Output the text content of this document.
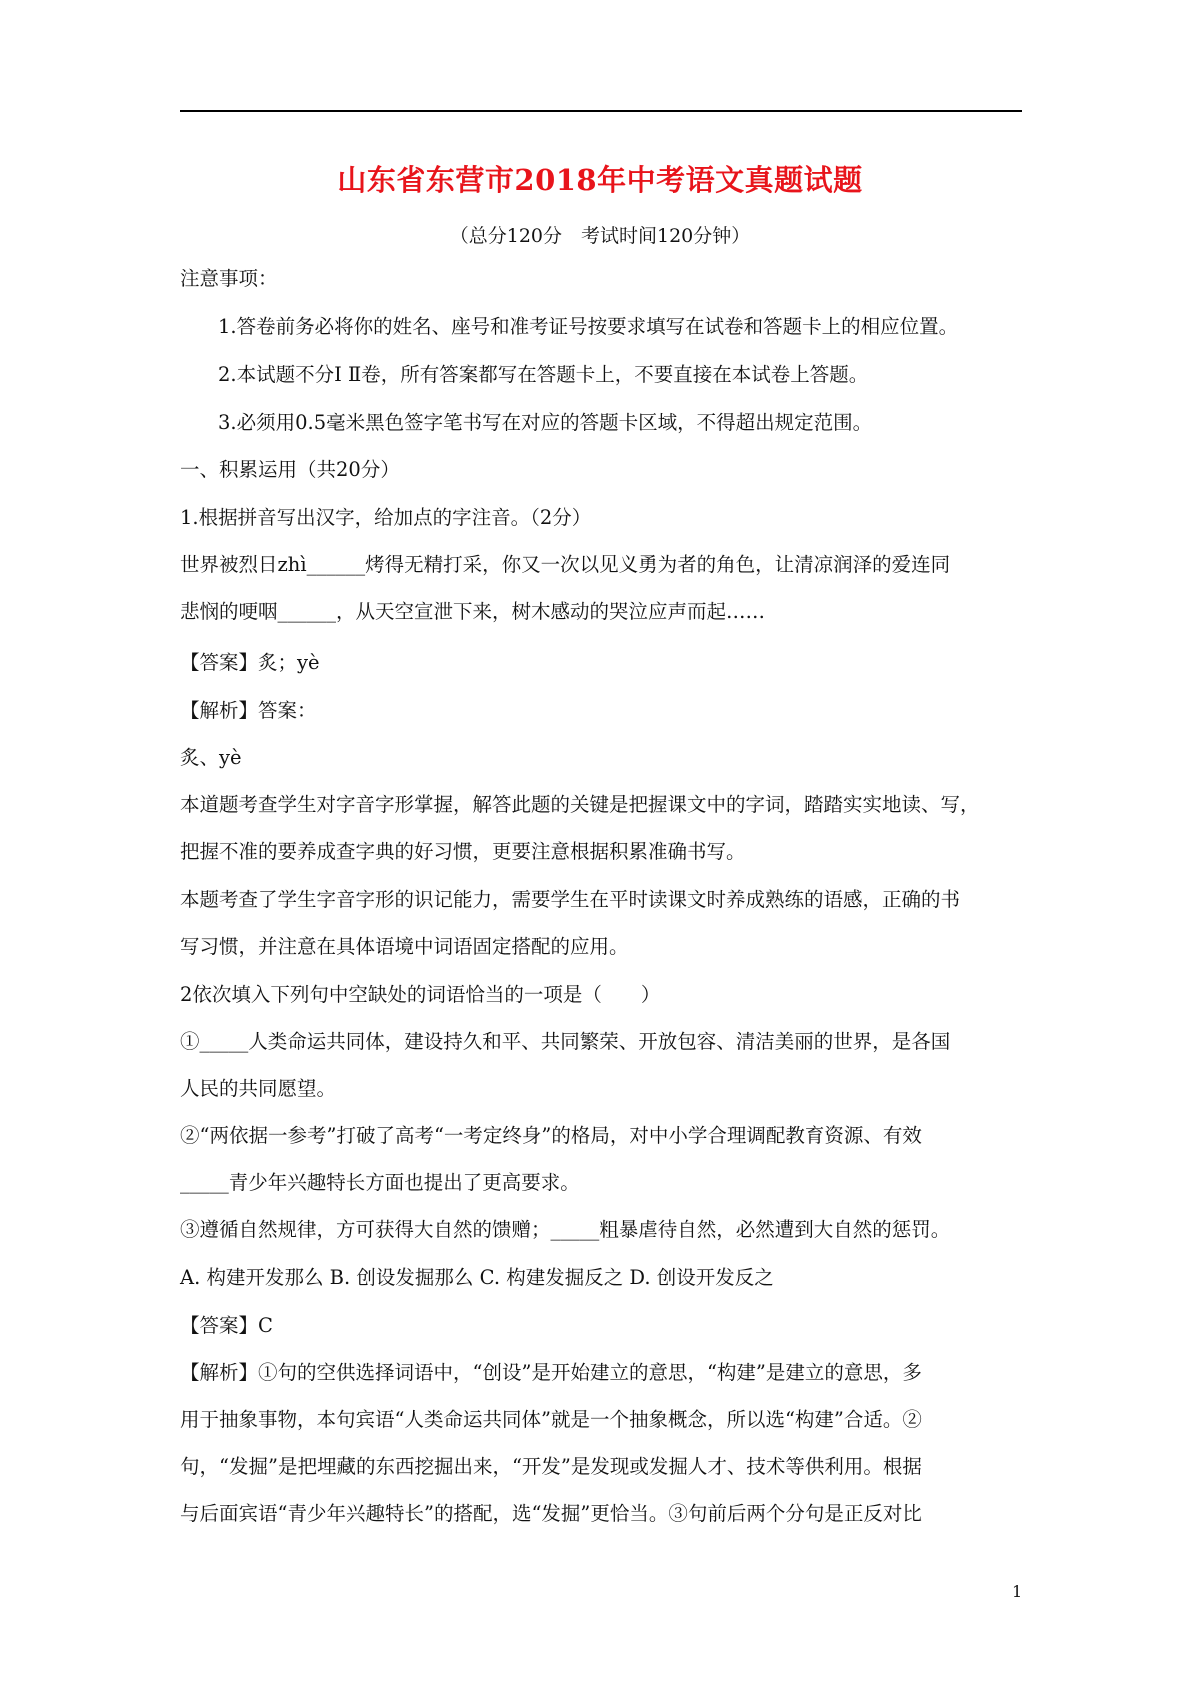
山东省东营市2018年中考语文真题试题
（总分120分　考试时间120分钟）
注意事项：
1.答卷前务必将你的姓名、座号和准考证号按要求填写在试卷和答题卡上的相应位置。
2.本试题不分Ⅰ Ⅱ卷，所有答案都写在答题卡上，不要直接在本试卷上答题。
3.必须用0.5毫米黑色签字笔书写在对应的答题卡区域，不得超出规定范围。
一、积累运用（共20分）
1.根据拼音写出汉字，给加点的字注音。（2分）
世界被烈日zhì______烤得无精打采，你又一次以见义勇为者的角色，让清凉润泽的爱连同
悲悯的哽咽______，从天空宣泄下来，树木感动的哭泣应声而起……
【答案】炙；yè
【解析】答案：
炙、yè
本道题考查学生对字音字形掌握，解答此题的关键是把握课文中的字词，踏踏实实地读、写，
把握不准的要养成查字典的好习惯，更要注意根据积累准确书写。
本题考查了学生字音字形的识记能力，需要学生在平时读课文时养成熟练的语感，正确的书
写习惯，并注意在具体语境中词语固定搭配的应用。
2依次填入下列句中空缺处的词语恰当的一项是（　　）
①_____人类命运共同体，建设持久和平、共同繁荣、开放包容、清洁美丽的世界，是各国
人民的共同愿望。
②“两依据一参考”打破了高考“一考定终身”的格局，对中小学合理调配教育资源、有效
_____青少年兴趣特长方面也提出了更高要求。
③遵循自然规律，方可获得大自然的馈赠；_____粗暴虐待自然，必然遭到大自然的惩罚。
A. 构建开发那么 B. 创设发掘那么 C. 构建发掘反之 D. 创设开发反之
【答案】C
【解析】①句的空供选择词语中，“创设”是开始建立的意思，“构建”是建立的意思，多
用于抽象事物，本句宾语“人类命运共同体”就是一个抽象概念，所以选“构建”合适。②
句，“发掘”是把埋藏的东西挖掘出来，“开发”是发现或发掘人才、技术等供利用。根据
与后面宾语“青少年兴趣特长”的搭配，选“发掘”更恰当。③句前后两个分句是正反对比
1
